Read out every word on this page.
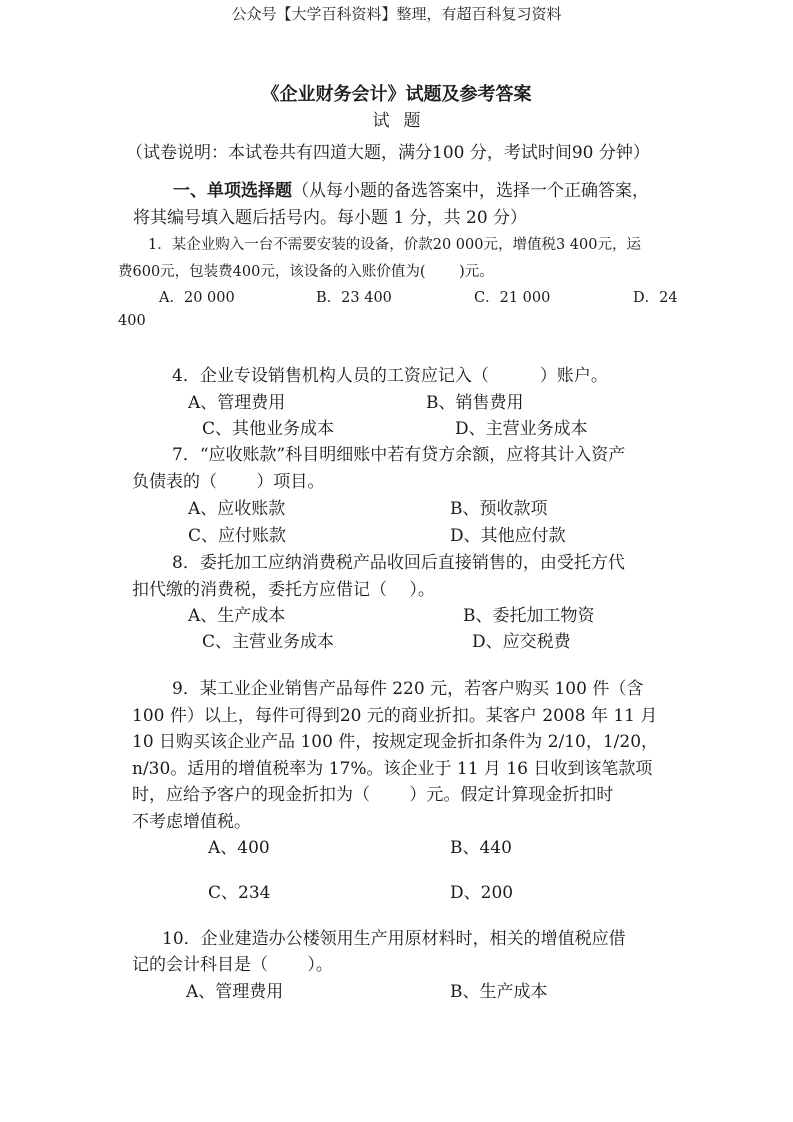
公众号【大学百科资料】整理，有超百科复习资料
《企业财务会计》试题及参考答案
试题
（试卷说明：本试卷共有四道大题，满分100 分，考试时间90 分钟）
一、单项选择题（从每小题的备选答案中，选择一个正确答案，
将其编号填入题后括号内。每小题 1 分，共 20 分）
1．某企业购入一台不需要安装的设备，价款20 000元，增值税3 400元，运
费600元，包装费400元，该设备的入账价值为(　　 )元。
A．20 000	B．23 400	C．21 000	D．24
400
4．企业专设销售机构人员的工资应记入（　　　）账户。
A、管理费用	B、销售费用
C、其他业务成本	D、主营业务成本
7．“应收账款”科目明细账中若有贷方余额，应将其计入资产
负债表的（　　 ）项目。
A、应收账款	B、预收款项
C、应付账款	D、其他应付款
8．委托加工应纳消费税产品收回后直接销售的，由受托方代
扣代缴的消费税，委托方应借记（　 ）。
A、生产成本	B、委托加工物资
C、主营业务成本	D、应交税费
9．某工业企业销售产品每件 220 元，若客户购买 100 件（含
100 件）以上，每件可得到20 元的商业折扣。某客户 2008 年 11 月
10 日购买该企业产品 100 件，按规定现金折扣条件为 2/10，1/20，
n/30。适用的增值税率为 17%。该企业于 11 月 16 日收到该笔款项
时，应给予客户的现金折扣为（　　 ）元。假定计算现金折扣时
不考虑增值税。
A、400	B、440
C、234	D、200
10．企业建造办公楼领用生产用原材料时，相关的增值税应借
记的会计科目是（　　 ）。
A、管理费用	B、生产成本
